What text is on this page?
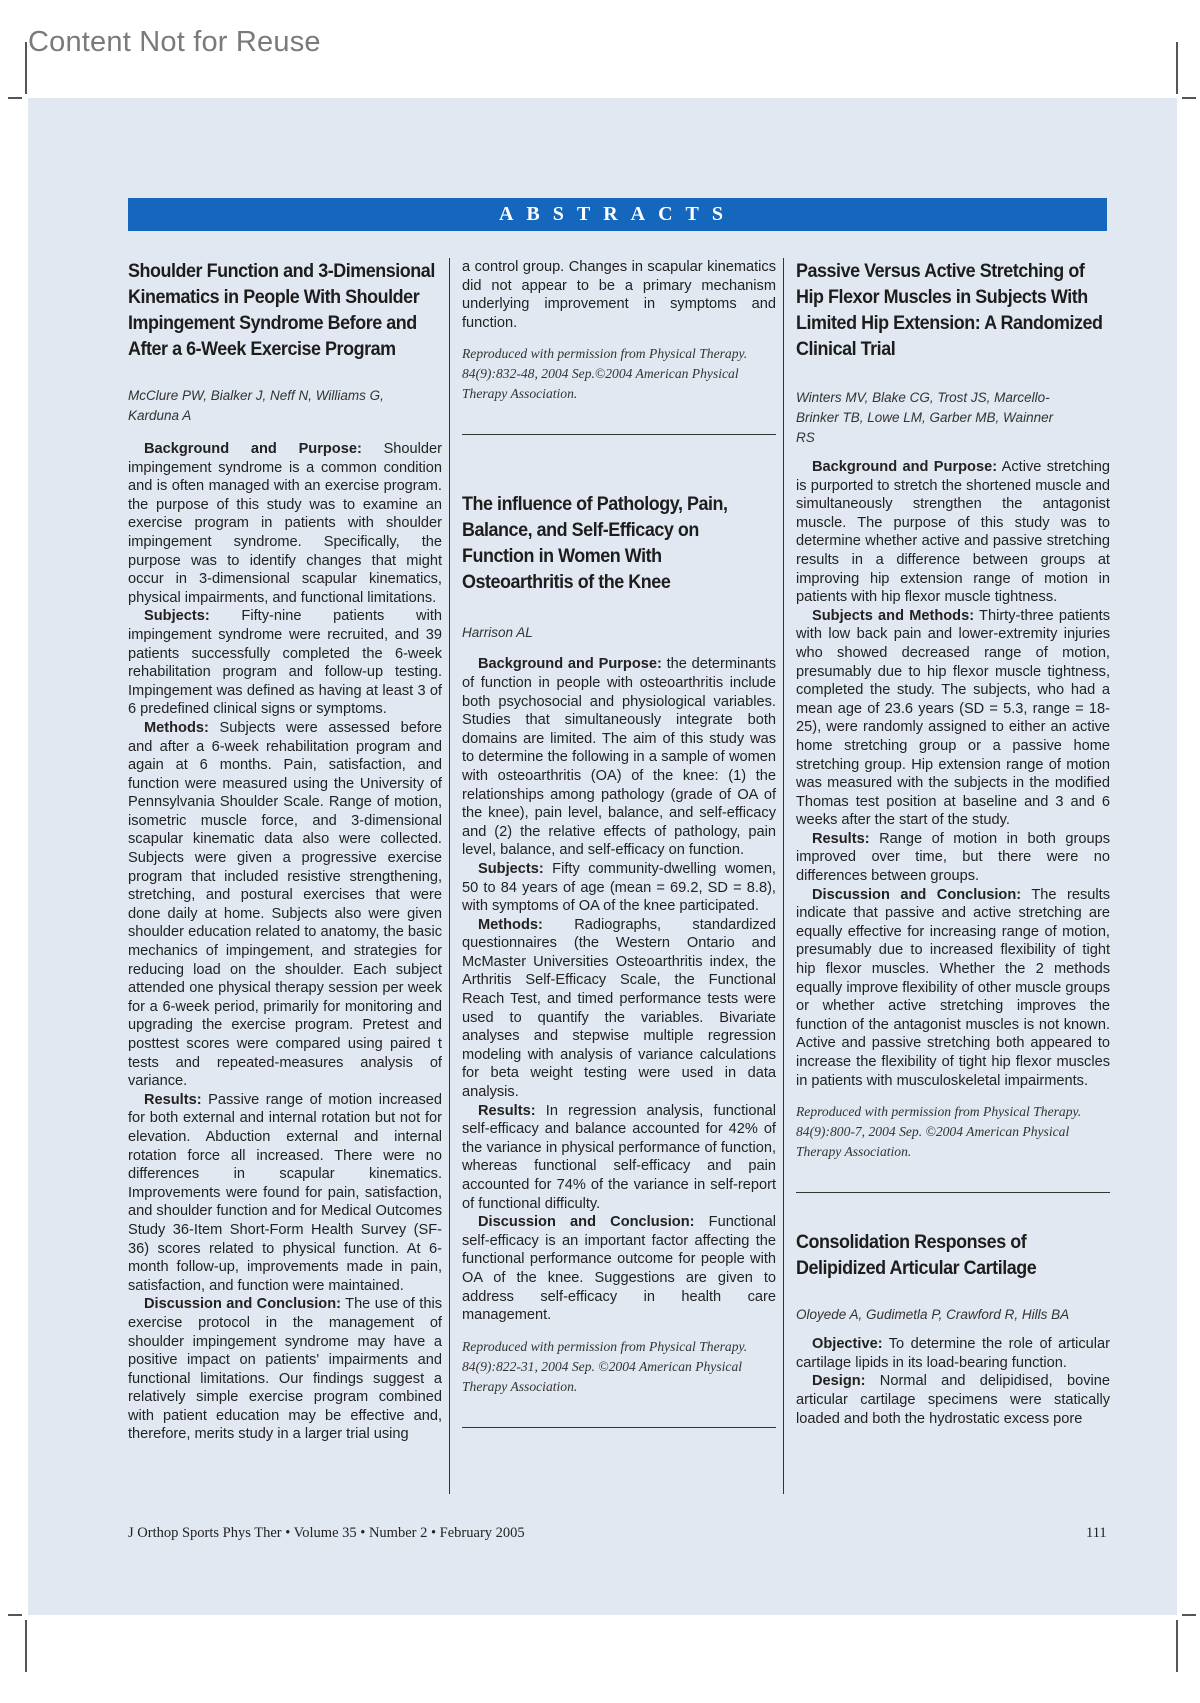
Content Not for Reuse
ABSTRACTS
Shoulder Function and 3-Dimensional Kinematics in People With Shoulder Impingement Syndrome Before and After a 6-Week Exercise Program

McClure PW, Bialker J, Neff N, Williams G, Karduna A

Background and Purpose: Shoulder impingement syndrome is a common condition and is often managed with an exercise program. the purpose of this study was to examine an exercise program in patients with shoulder impingement syndrome. Specifically, the purpose was to identify changes that might occur in 3-dimensional scapular kinematics, physical impairments, and functional limitations.

Subjects: Fifty-nine patients with impingement syndrome were recruited, and 39 patients successfully completed the 6-week rehabilitation program and follow-up testing. Impingement was defined as having at least 3 of 6 predefined clinical signs or symptoms.

Methods: Subjects were assessed before and after a 6-week rehabilitation program and again at 6 months. Pain, satisfaction, and function were measured using the University of Pennsylvania Shoulder Scale. Range of motion, isometric muscle force, and 3-dimensional scapular kinematic data also were collected. Subjects were given a progressive exercise program that included resistive strengthening, stretching, and postural exercises that were done daily at home. Subjects also were given shoulder education related to anatomy, the basic mechanics of impingement, and strategies for reducing load on the shoulder. Each subject attended one physical therapy session per week for a 6-week period, primarily for monitoring and upgrading the exercise program. Pretest and posttest scores were compared using paired t tests and repeated-measures analysis of variance.

Results: Passive range of motion increased for both external and internal rotation but not for elevation. Abduction external and internal rotation force all increased. There were no differences in scapular kinematics. Improvements were found for pain, satisfaction, and shoulder function and for Medical Outcomes Study 36-Item Short-Form Health Survey (SF-36) scores related to physical function. At 6-month follow-up, improvements made in pain, satisfaction, and function were maintained.

Discussion and Conclusion: The use of this exercise protocol in the management of shoulder impingement syndrome may have a positive impact on patients' impairments and functional limitations. Our findings suggest a relatively simple exercise program combined with patient education may be effective and, therefore, merits study in a larger trial using

a control group. Changes in scapular kinematics did not appear to be a primary mechanism underlying improvement in symptoms and function.

Reproduced with permission from Physical Therapy. 84(9):832-48, 2004 Sep.©2004 American Physical Therapy Association.

The influence of Pathology, Pain, Balance, and Self-Efficacy on Function in Women With Osteoarthritis of the Knee

Harrison AL

Background and Purpose: the determinants of function in people with osteoarthritis include both psychosocial and physiological variables. Studies that simultaneously integrate both domains are limited. The aim of this study was to determine the following in a sample of women with osteoarthritis (OA) of the knee: (1) the relationships among pathology (grade of OA of the knee), pain level, balance, and self-efficacy and (2) the relative effects of pathology, pain level, balance, and self-efficacy on function.

Subjects: Fifty community-dwelling women, 50 to 84 years of age (mean = 69.2, SD = 8.8), with symptoms of OA of the knee participated.

Methods: Radiographs, standardized questionnaires (the Western Ontario and McMaster Universities Osteoarthritis index, the Arthritis Self-Efficacy Scale, the Functional Reach Test, and timed performance tests were used to quantify the variables. Bivariate analyses and stepwise multiple regression modeling with analysis of variance calculations for beta weight testing were used in data analysis.

Results: In regression analysis, functional self-efficacy and balance accounted for 42% of the variance in physical performance of function, whereas functional self-efficacy and pain accounted for 74% of the variance in self-report of functional difficulty.

Discussion and Conclusion: Functional self-efficacy is an important factor affecting the functional performance outcome for people with OA of the knee. Suggestions are given to address self-efficacy in health care management.

Reproduced with permission from Physical Therapy. 84(9):822-31, 2004 Sep. ©2004 American Physical Therapy Association.

Passive Versus Active Stretching of Hip Flexor Muscles in Subjects With Limited Hip Extension: A Randomized Clinical Trial

Winters MV, Blake CG, Trost JS, Marcello-Brinker TB, Lowe LM, Garber MB, Wainner RS

Background and Purpose: Active stretching is purported to stretch the shortened muscle and simultaneously strengthen the antagonist muscle. The purpose of this study was to determine whether active and passive stretching results in a difference between groups at improving hip extension range of motion in patients with hip flexor muscle tightness.

Subjects and Methods: Thirty-three patients with low back pain and lower-extremity injuries who showed decreased range of motion, presumably due to hip flexor muscle tightness, completed the study. The subjects, who had a mean age of 23.6 years (SD = 5.3, range = 18-25), were randomly assigned to either an active home stretching group or a passive home stretching group. Hip extension range of motion was measured with the subjects in the modified Thomas test position at baseline and 3 and 6 weeks after the start of the study.

Results: Range of motion in both groups improved over time, but there were no differences between groups.

Discussion and Conclusion: The results indicate that passive and active stretching are equally effective for increasing range of motion, presumably due to increased flexibility of tight hip flexor muscles. Whether the 2 methods equally improve flexibility of other muscle groups or whether active stretching improves the function of the antagonist muscles is not known. Active and passive stretching both appeared to increase the flexibility of tight hip flexor muscles in patients with musculoskeletal impairments.

Reproduced with permission from Physical Therapy. 84(9):800-7, 2004 Sep. ©2004 American Physical Therapy Association.

Consolidation Responses of Delipidized Articular Cartilage

Oloyede A, Gudimetla P, Crawford R, Hills BA

Objective: To determine the role of articular cartilage lipids in its load-bearing function.

Design: Normal and delipidised, bovine articular cartilage specimens were statically loaded and both the hydrostatic excess pore

J Orthop Sports Phys Ther • Volume 35 • Number 2 • February 2005	111
